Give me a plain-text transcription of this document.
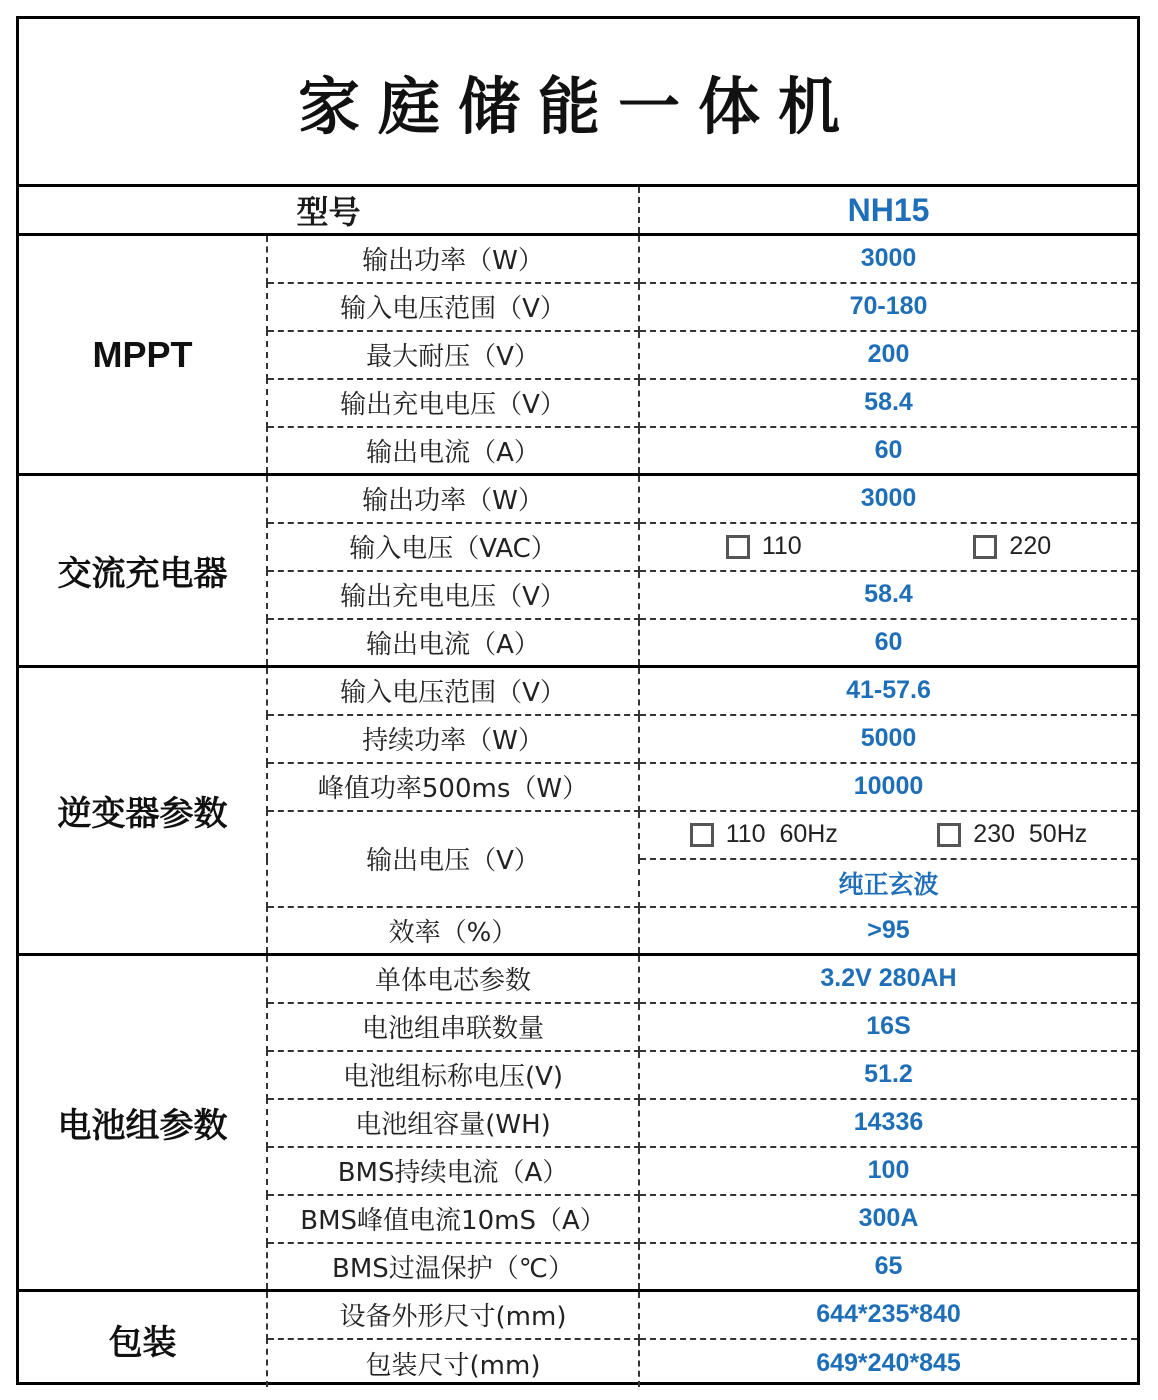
家庭储能一体机
型号		NH15
MPPT	输出功率（W）	3000
	输入电压范围（V）	70-180
	最大耐压（V）	200
	输出充电电压（V）	58.4
	输出电流（A）	60
交流充电器	输出功率（W）	3000
	输入电压（VAC）	110 220

	输出充电电压（V）	58.4
	输出电流（A）	60
逆变器参数	输入电压范围（V）	41-57.6
	持续功率（W）	5000
	峰值功率500ms（W）	10000
	输出电压（V）	110  60Hz 230  50Hz

		纯正玄波
	效率（%）	>95
电池组参数	单体电芯参数	3.2V 280AH
	电池组串联数量	16S
	电池组标称电压(V)	51.2
	电池组容量(WH)	14336
	BMS持续电流（A）	100
	BMS峰值电流10mS（A）	300A
	BMS过温保护（℃）	65
包装	设备外形尺寸(mm)	644*235*840
	包装尺寸(mm)	649*240*845
